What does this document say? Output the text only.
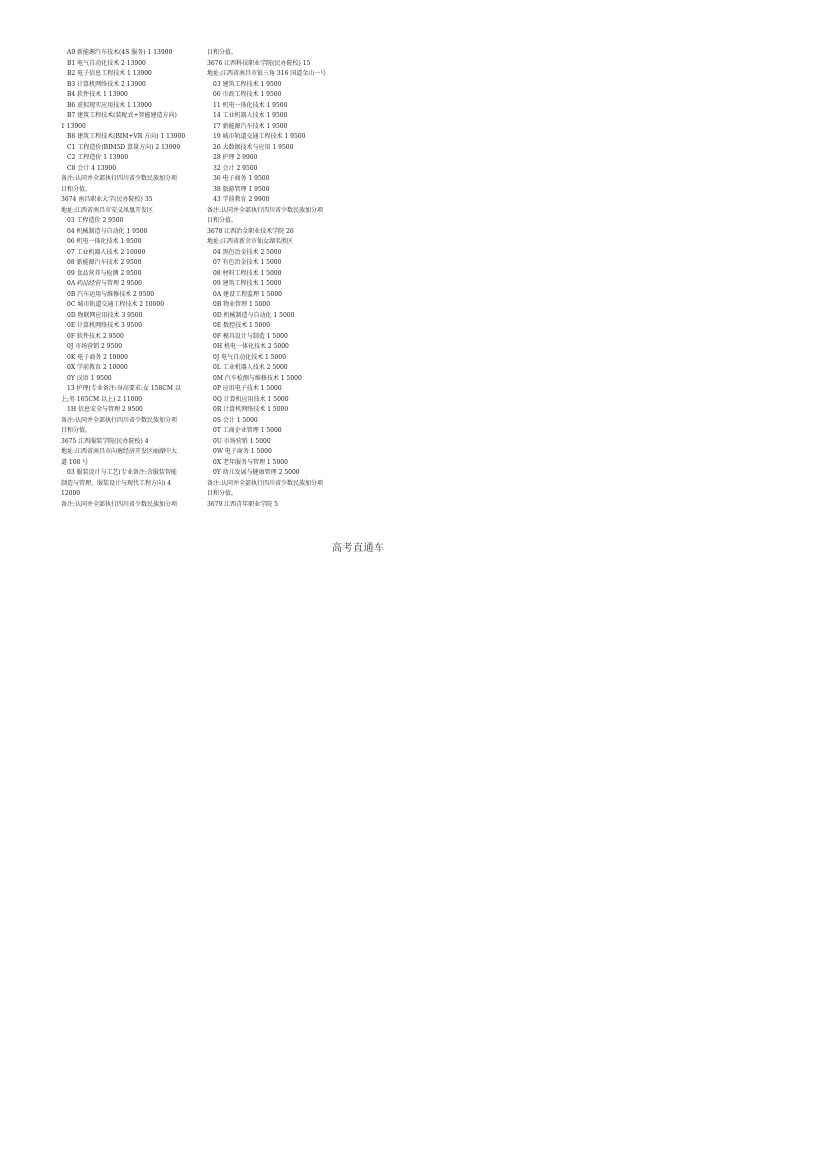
A9 新能源汽车技术(4S 服务) 1 13900
B1 电气自动化技术 2 13900
B2 电子信息工程技术 1 13900
B3 计算机网络技术 2 13900
B4 软件技术 1 13900
B6 虚拟现实应用技术 1 13900
B7 建筑工程技术(装配式+智能建造方向)
1 13900
B8 建筑工程技术(BIM+VR 方向) 1 13900
C1 工程造价(BIM5D 算量方向) 2 13900
C2 工程造价 1 13900
C8 会计 4 13900
备注:认同并全部执行四川省少数民族加分项
目和分值。
3674 南昌职业大学(民办院校) 35
地址:江西省南昌市安义凤凰开发区
03 工程造价 2 9500
04 机械制造与自动化 1 9500
06 机电一体化技术 1 9500
07 工业机器人技术 2 10000
08 新能源汽车技术 2 9500
09 食品营养与检测 2 9500
0A 药品经营与管理 2 9500
0B 汽车运用与维修技术 2 9500
0C 城市轨道交通工程技术 2 10000
0D 物联网应用技术 3 9500
0E 计算机网络技术 3 9500
0F 软件技术 2 9500
0J 市场营销 2 9500
0K 电子商务 2 10000
0X 学前教育 2 10000
0Y 汉语 1 9500
13 护理(专业备注:身高要求:女 158CM 以
上;男 165CM 以上) 2 11000
1H 信息安全与管理 2 9500
备注:认同并全部执行四川省少数民族加分项
目和分值。
3675 江西服装学院(民办院校) 4
地址:江西省南昌市向塘经济开发区丽湖中大
道 108 号
03 服装设计与工艺(专业备注:含服装智能
制造与管理、服装设计与现代工程方向) 4
12000
备注:认同并全部执行四川省少数民族加分项
目和分值。
3676 江西科技职业学院(民办院校) 15
地址:江西省南昌市银三角 316 国道金山一号
03 建筑工程技术 1 9500
06 市政工程技术 1 9500
11 机电一体化技术 1 9500
14 工业机器人技术 1 9500
17 新能源汽车技术 1 9500
19 城市轨道交通工程技术 1 9500
26 大数据技术与应用 1 9500
28 护理 2 9900
32 会计 2 9500
36 电子商务 1 9500
38 旅游管理 1 9500
43 学前教育 2 9900
备注:认同并全部执行四川省少数民族加分项
目和分值。
3678 江西冶金职业技术学院 26
地址:江西省新余市仙女湖名胜区
04 黑色冶金技术 2 5000
07 有色冶金技术 1 5000
08 材料工程技术 1 5000
09 建筑工程技术 1 5000
0A 建设工程监理 1 5000
0B 物业管理 1 5000
0D 机械制造与自动化 1 5000
0E 数控技术 1 5000
0F 模具设计与制造 1 5000
0H 机电一体化技术 2 5000
0J 电气自动化技术 1 5000
0L 工业机器人技术 2 5000
0M 汽车检测与维修技术 1 5000
0P 应用电子技术 1 5000
0Q 计算机应用技术 1 5000
0R 计算机网络技术 1 5000
0S 会计 1 5000
0T 工商企业管理 1 5000
0U 市场营销 1 5000
0W 电子商务 1 5000
0X 老年服务与管理 1 5000
0Y 幼儿发展与健康管理 2 5000
备注:认同并全部执行四川省少数民族加分项
目和分值。
3679 江西青年职业学院 5
高考直通车
